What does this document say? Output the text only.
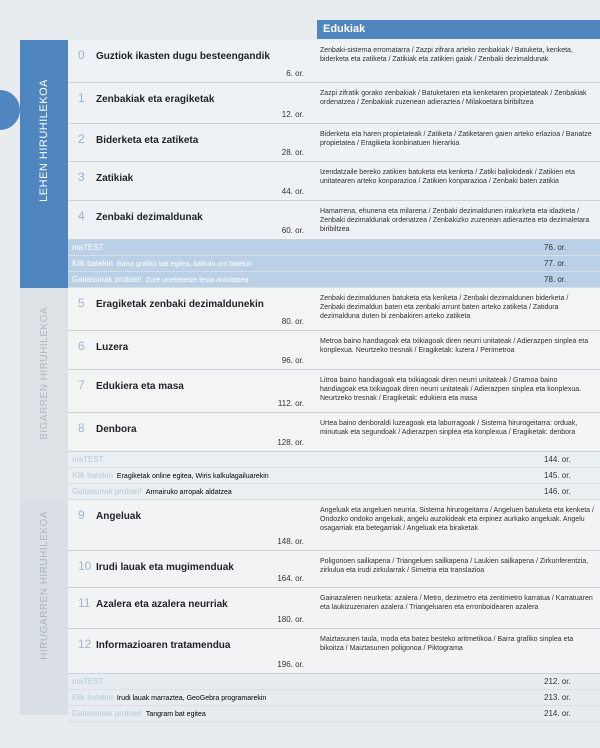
Edukiak
LEHEN HIRUHILEKOA
0 Guztiok ikasten dugu besteengandik
6. or.
Zenbaki-sistema erromatarra / Zazpi zifrara arteko zenbakiak / Batuketa, kenketa, biderketa eta zatiketa / Zatikiak eta zatikien gaiak / Zenbaki dezimaldunak
1 Zenbakiak eta eragiketak
12. or.
Zazpi zifratik gorako zenbakiak / Batuketaren eta kenketaren propietateak / Zenbakiak ordenatzea / Zenbakiak zuzenean adieraztea / Milakoetara biribiltzea
2 Biderketa eta zatiketa
28. or.
Biderketa eta haren propietateak / Zatiketa / Zatiketaren gaien arteko erlazioa / Banatze propietatea / Eragiketa konbinatuen hierarkia
3 Zatikiak
44. or.
Izendatzaile bereko zatikien batuketa eta kenketa / Zatiki baliokideak / Zatikien eta unitatearen arteko konparazioa / Zatikien konparazioa / Zenbaki baten zatikia
4 Zenbaki dezimaldunak
60. or.
Hamarrena, ehunena eta milarena / Zenbaki dezimaldunen irakurketa eta idazketa / Zenbaki dezimaldunak ordenatzea / Zenbakizko zuzenean adieraztea eta dezimaletara biribiltzea
maTEST	76. or.
Klik batekin Barra grafiko bat egitea, kalkulu orri batekin	77. or.
Gaitasunak proban! Zure urtebetetze festa antolatzea	78. or.
BIGARREN HIRUHILEKOA
5 Eragiketak zenbaki dezimaldunekin
80. or.
Zenbaki dezimaldunen batuketa eta kenketa / Zenbaki dezimaldunen biderketa / Zenbaki dezimaldun baten eta zenbaki arrunt baten arteko zatiketa / Zatidura dezimalduna duten bi zenbakiren arteko zatiketa
6 Luzera
96. or.
Metroa baino handiagoak eta txikiagoak diren neurri unitateak / Adierazpen sinplea eta konplexua. Neurtzeko tresnak / Eragiketak: luzera / Perimetroa
7 Edukiera eta masa
112. or.
Litroa baino handiagoak eta txikiagoak diren neurri unitateak / Gramoa baino handiagoak eta txikiagoak diren neurri unitateak / Adierazpen sinplea eta konplexua. Neurtzeko tresnak / Eragiketak: edukiera eta masa
8 Denbora
128. or.
Urtea baino denboraldi luzeagoak eta laburragoak / Sistema hirurogeitarra: orduak, minutuak eta segundoak / Adierazpen sinplea eta konplexua / Eragiketak: denbora
maTEST	144. or.
Klik batekin Eragiketak online egitea, Wiris kalkulagailuarekin	145. or.
Gaitasunak proban! Armairuko arropak aldatzea	146. or.
HIRUGARREN HIRUHILEKOA	9 Angeluak
148. or.
Angeluak eta angeluen neurria. Sistema hirurogeitarra / Angeluen batuketa eta kenketa / Ondozko ondoko angeluak, angelu auzokideak eta erpinez aurkako angeluak. Angelu osagarriak eta betegarriak / Angeluak eta biraketak
10 Irudi lauak eta mugimenduak
164. or.
Poligonoen sailkapena / Triangeluen sailkapena / Laukien sailkapena / Zirkunferentzia, zirkulua eta irudi zirkularrak / Simetria eta translazioa
11 Azalera eta azalera neurriak
180. or.
Gainazaleren neurketa: azalera / Metro, dezimetro eta zentimetro karratua / Karratuaren eta laukizuzenaren azalera / Triangeluaren eta erronboidearen azalera
12 Informazioaren tratamendua
196. or.
Maiztasunen taula, moda eta batez besteko aritmetikoa / Barra grafiko sinplea eta bikoitza / Maiztasunen poligonoa / Piktograma
maTEST	212. or.
Klik batekin Irudi lauak marraztea, GeoGebra programarekin	213. or.
Gaitasunak proban! Tangram bat egitea	214. or.
